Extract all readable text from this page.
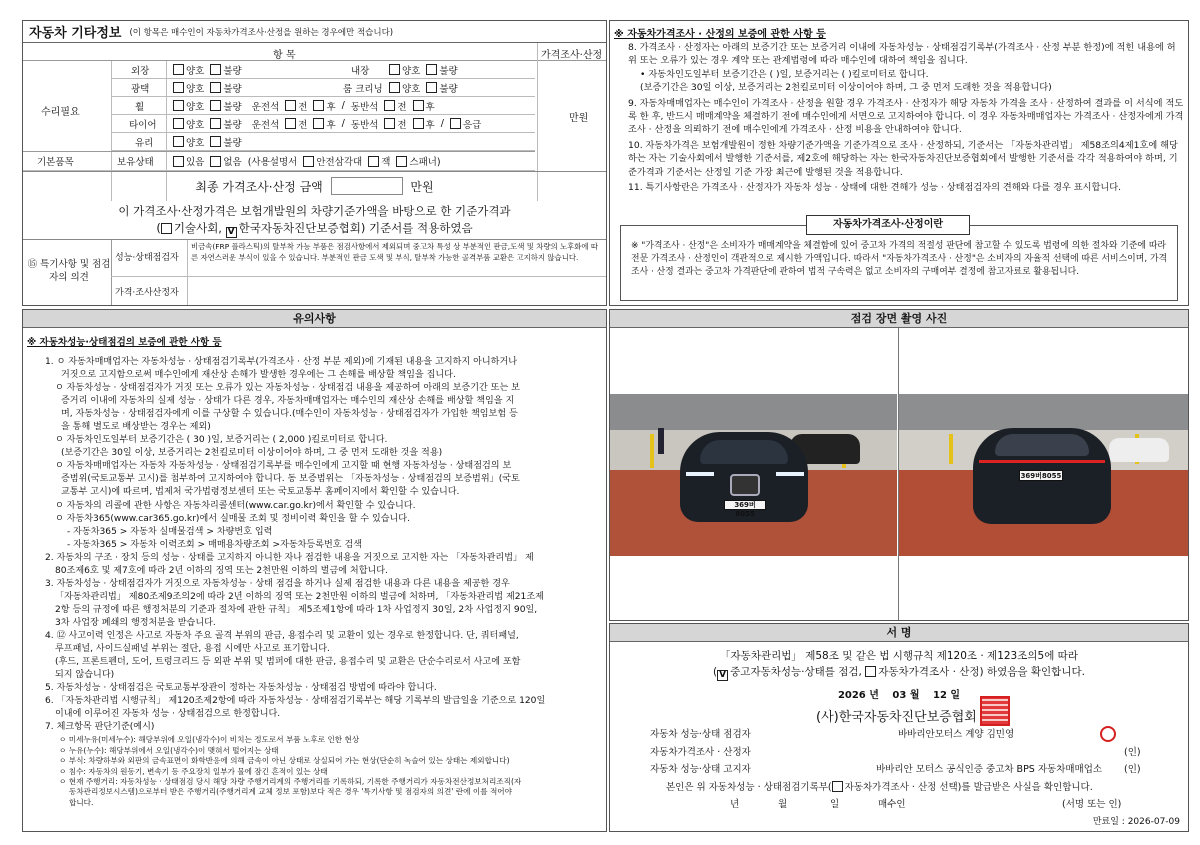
자동차 기타정보 (이 항목은 매수인이 자동차가격조사·산정을 원하는 경우에만 적습니다)
항 목	가격조사·산정
수리필요
만원
외장	양호 불량	내장	양호 불량
광택	양호 불량	룸 크리닝 양호 불량
휠	양호 불량 운전석 전 후 / 동반석 전 후
타이어	양호 불량 운전석 전 후 / 동반석 전 후 / 응급
유리	양호 불량
기본품목	보유상태	있음 없음 (사용설명서 안전삼각대 잭 스패너)
최종 가격조사·산정 금액	만원
이 가격조사·산정가격은 보험개발원의 차량기준가액을 바탕으로 한 기준가격과
( 기술사회, V 한국자동차진단보증협회) 기준서를 적용하였음
⑮ 특기사항 및 점검자의 의견
성능·상태점검자
비금속(FRP 플라스틱)의 탈부착 가능 부품은 점검사항에서 제외되며 중고차 특성 상 부분적인 판금,도색 및 차량의 노후화에 따른 자연스러운 부식이 있을 수 있습니다. 부분적인 판금 도색 및 부식, 탈부착 가능한 골격부품 교환은 고지하지 않습니다.
가격·조사산정자
※ 자동차가격조사 · 산정의 보증에 관한 사항 등
8. 가격조사 · 산정자는 아래의 보증기간 또는 보증거리 이내에 자동차성능 · 상태점검기록부(가격조사 · 산정 부분 한정)에 적힌 내용에 허위 또는 오류가 있는 경우 계약 또는 관계법령에 따라 매수인에 대하여 책임을 집니다.
• 자동차인도일부터 보증기간은 ( )일, 보증거리는 ( )킬로미터로 합니다.
(보증기간은 30일 이상, 보증거리는 2천킬로미터 이상이어야 하며, 그 중 먼저 도래한 것을 적용합니다)
9. 자동차매매업자는 매수인이 가격조사 · 산정을 원할 경우 가격조사 · 산정자가 해당 자동차 가격을 조사 · 산정하여 결과를 이 서식에 적도록 한 후, 반드시 매매계약을 체결하기 전에 매수인에게 서면으로 고지하여야 합니다. 이 경우 자동차매매업자는 가격조사 · 산정자에게 가격조사 · 산정을 의뢰하기 전에 매수인에게 가격조사 · 산정 비용을 안내하여야 합니다.
10. 자동차가격은 보험개발원이 정한 차량기준가액을 기준가격으로 조사 · 산정하되, 기준서는 「자동차관리법」 제58조의4제1호에 해당하는 자는 기술사회에서 발행한 기준서를, 제2호에 해당하는 자는 한국자동차진단보증협회에서 발행한 기준서를 각각 적용하여야 하며, 기준가격과 기준서는 산정일 기준 가장 최근에 발행된 것을 적용합니다.
11. 특기사항란은 가격조사 · 산정자가 자동차 성능 · 상태에 대한 견해가 성능 · 상태점검자의 견해와 다를 경우 표시합니다.
자동차가격조사·산정이란
※ "가격조사 · 산정"은 소비자가 매매계약을 체결함에 있어 중고차 가격의 적절성 판단에 참고할 수 있도록 법령에 의한 절차와 기준에 따라 전문 가격조사 · 산정인이 객관적으로 제시한 가액입니다. 따라서 "자동차가격조사 · 산정"은 소비자의 자율적 선택에 따른 서비스이며, 가격조사 · 산정 결과는 중고차 가격판단에 관하여 법적 구속력은 없고 소비자의 구매여부 결정에 참고자료로 활용됩니다.
유의사항
※ 자동차성능·상태점검의 보증에 관한 사항 등
1. ㅇ 자동차매매업자는 자동차성능 · 상태점검기록부(가격조사 · 산정 부분 제외)에 기재된 내용을 고지하지 아니하거나
거짓으로 고지함으로써 매수인에게 재산상 손해가 발생한 경우에는 그 손해를 배상할 책임을 집니다.
ㅇ 자동차성능 · 상태점검자가 거짓 또는 오류가 있는 자동차성능 · 상태점검 내용을 제공하여 아래의 보증기간 또는 보
증거리 이내에 자동차의 실제 성능 · 상태가 다른 경우, 자동차매매업자는 매수인의 재산상 손해를 배상할 책임을 지
며, 자동차성능 · 상태점검자에게 이를 구상할 수 있습니다.(매수인이 자동차성능 · 상태점검자가 가입한 책임보험 등
을 통해 별도로 배상받는 경우는 제외)
ㅇ 자동차인도일부터 보증기간은 ( 30 )일, 보증거리는 ( 2,000 )킬로미터로 합니다.
(보증기간은 30일 이상, 보증거리는 2천킬로미터 이상이어야 하며, 그 중 먼저 도래한 것을 적용)
ㅇ 자동차매매업자는 자동차 자동차성능 · 상태점검기록부를 매수인에게 고지할 때 현행 자동차성능 · 상태점검의 보
증범위(국토교통부 고시)를 첨부하여 고지하여야 합니다. 동 보증범위는 「자동차성능 · 상태점검의 보증범위」(국토
교통부 고시)에 따르며, 법제처 국가법령정보센터 또는 국토교통부 홈페이지에서 확인할 수 있습니다.
ㅇ 자동차의 리콜에 관한 사항은 자동차리콜센터(www.car.go.kr)에서 확인할 수 있습니다.
ㅇ 자동차365(www.car365.go.kr)에서 실매물 조회 및 정비이력 확인을 할 수 있습니다.
- 자동차365 > 자동차 실매물검색 > 차량번호 입력
- 자동차365 > 자동차 이력조회 > 매매용차량조회 >자동차등록번호 검색
2. 자동차의 구조 · 장치 등의 성능 · 상태를 고지하지 아니한 자나 점검한 내용을 거짓으로 고지한 자는 「자동차관리법」 제
80조제6호 및 제7호에 따라 2년 이하의 징역 또는 2천만원 이하의 벌금에 처합니다.
3. 자동차성능 · 상태점검자가 거짓으로 자동차성능 · 상태 점검을 하거나 실제 점검한 내용과 다른 내용을 제공한 경우
「자동차관리법」 제80조제9조의2에 따라 2년 이하의 징역 또는 2천만원 이하의 벌금에 처하며, 「자동차관리법 제21조제
2항 등의 규정에 따른 행정처분의 기준과 절차에 관한 규칙」 제5조제1항에 따라 1차 사업정지 30일, 2차 사업정지 90일,
3차 사업장 폐쇄의 행정처분을 받습니다.
4. ⑫ 사고이력 인정은 사고로 자동차 주요 골격 부위의 판금, 용접수리 및 교환이 있는 경우로 한정합니다. 단, 쿼터패널,
루프패널, 사이드실패널 부위는 절단, 용접 시에만 사고로 표기합니다.
(후드, 프론트펜더, 도어, 트렁크리드 등 외판 부위 및 범퍼에 대한 판금, 용접수리 및 교환은 단순수리로서 사고에 포함
되지 않습니다)
5. 자동차성능 · 상태점검은 국토교통부장관이 정하는 자동차성능 · 상태점검 방법에 따라야 합니다.
6. 「자동차관리법 시행규칙」 제120조제2항에 따라 자동차성능 · 상태점검기록부는 해당 기록부의 발급일을 기준으로 120일
이내에 이루어진 자동차 성능 · 상태점검으로 한정합니다.
7. 체크항목 판단기준(예시)
ㅇ 미세누유(미세누수): 해당부위에 오일(냉각수)이 비치는 정도로서 부품 노후로 인한 현상
ㅇ 누유(누수): 해당부위에서 오일(냉각수)이 맺혀서 떨어지는 상태
ㅇ 부식: 차량하부와 외판의 금속표면이 화학반응에 의해 금속이 아닌 상태로 상실되어 가는 현상(단순히 녹슬어 있는 상태는 제외합니다)
ㅇ 침수: 자동차의 원동기, 변속기 등 주요장치 일부가 물에 잠긴 흔적이 있는 상태
ㅇ 현재 주행거리: 자동차성능 · 상태점검 당시 해당 차량 주행거리계의 주행거리를 기록하되, 기록한 주행거리가 자동차전산정보처리조직(자
동차관리정보시스템)으로부터 받은 주행거리(주행거리계 교체 정보 포함)보다 적은 경우 '특기사항 및 점검자의 의견' 란에 이를 적어야
합니다.
점검 장면 촬영 사진
369버8055
369버8055
서 명
「자동차관리법」 제58조 및 같은 법 시행규칙 제120조 · 제123조의5에 따라
( V 중고자동차성능·상태를 점검, 자동차가격조사 · 산정) 하였음을 확인합니다.
2026 년 03 월 12 일
(사)한국자동차진단보증협회
자동차 성능·상태 점검자	바바리안모터스 계양 김민영
자동차가격조사 · 산정자	(인)
자동차 성능·상태 고지자	바바리안 모터스 공식인증 중고차 BPS 자동차매매업소 (인)
본인은 위 자동차성능 · 상태점검기록부( 자동차가격조사 · 산정 선택)를 발급받은 사실을 확인합니다.
년	월	일	매수인	(서명 또는 인)
만료일 : 2026-07-09
